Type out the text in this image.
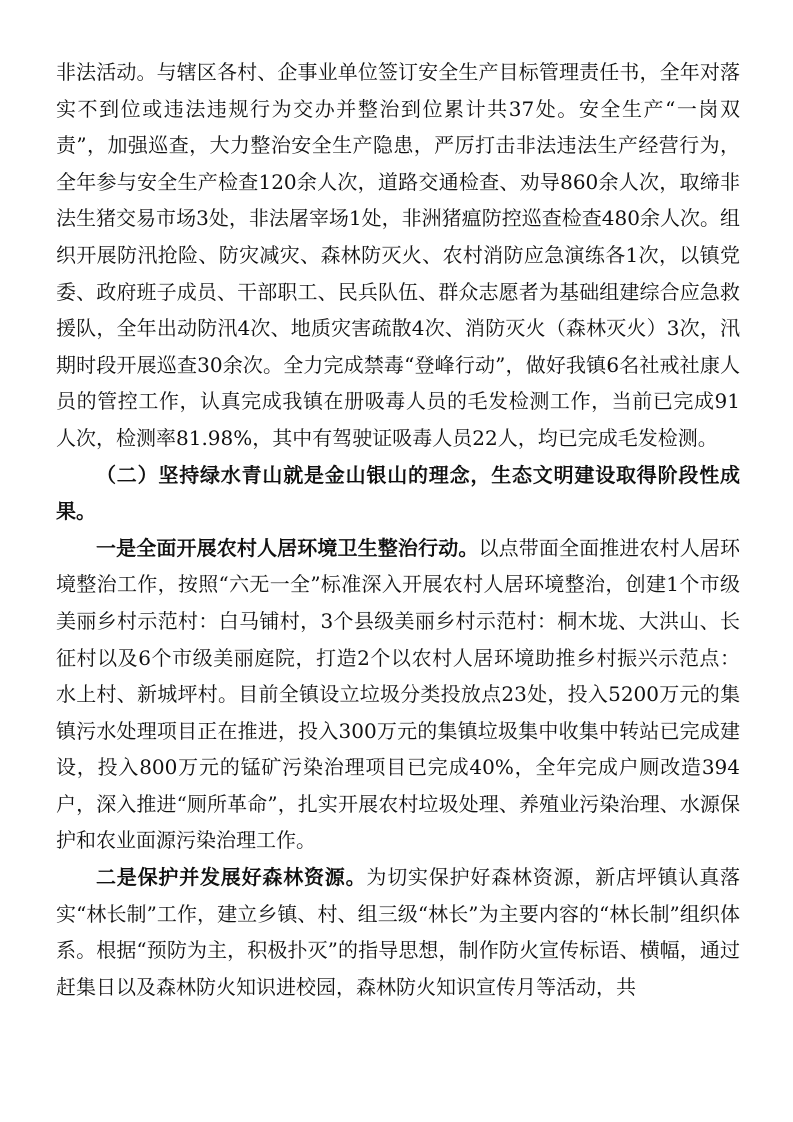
非法活动。与辖区各村、企事业单位签订安全生产目标管理责任书，全年对落实不到位或违法违规行为交办并整治到位累计共37处。安全生产“一岗双责”，加强巡查，大力整治安全生产隐患，严厉打击非法违法生产经营行为，全年参与安全生产检查120余人次，道路交通检查、劝导860余人次，取缔非法生猪交易市场3处，非法屠宰场1处，非洲猪瘟防控巡查检查480余人次。组织开展防汛抢险、防灾减灾、森林防灭火、农村消防应急演练各1次，以镇党委、政府班子成员、干部职工、民兵队伍、群众志愿者为基础组建综合应急救援队，全年出动防汛4次、地质灾害疏散4次、消防灭火（森林灭火）3次，汛期时段开展巡查30余次。全力完成禁毒“登峰行动”，做好我镇6名社戒社康人员的管控工作，认真完成我镇在册吸毒人员的毛发检测工作，当前已完成91人次，检测率81.98%，其中有驾驶证吸毒人员22人，均已完成毛发检测。

（二）坚持绿水青山就是金山银山的理念，生态文明建设取得阶段性成果。

一是全面开展农村人居环境卫生整治行动。以点带面全面推进农村人居环境整治工作，按照“六无一全”标准深入开展农村人居环境整治，创建1个市级美丽乡村示范村：白马铺村，3个县级美丽乡村示范村：桐木垅、大洪山、长征村以及6个市级美丽庭院，打造2个以农村人居环境助推乡村振兴示范点：水上村、新城坪村。目前全镇设立垃圾分类投放点23处，投入5200万元的集镇污水处理项目正在推进，投入300万元的集镇垃圾集中收集中转站已完成建设，投入800万元的锰矿污染治理项目已完成40%，全年完成户厕改造394户，深入推进“厕所革命”，扎实开展农村垃圾处理、养殖业污染治理、水源保护和农业面源污染治理工作。

二是保护并发展好森林资源。为切实保护好森林资源，新店坪镇认真落实“林长制”工作，建立乡镇、村、组三级“林长”为主要内容的“林长制”组织体系。根据“预防为主，积极扑灭”的指导思想，制作防火宣传标语、横幅，通过赶集日以及森林防火知识进校园，森林防火知识宣传月等活动，共
